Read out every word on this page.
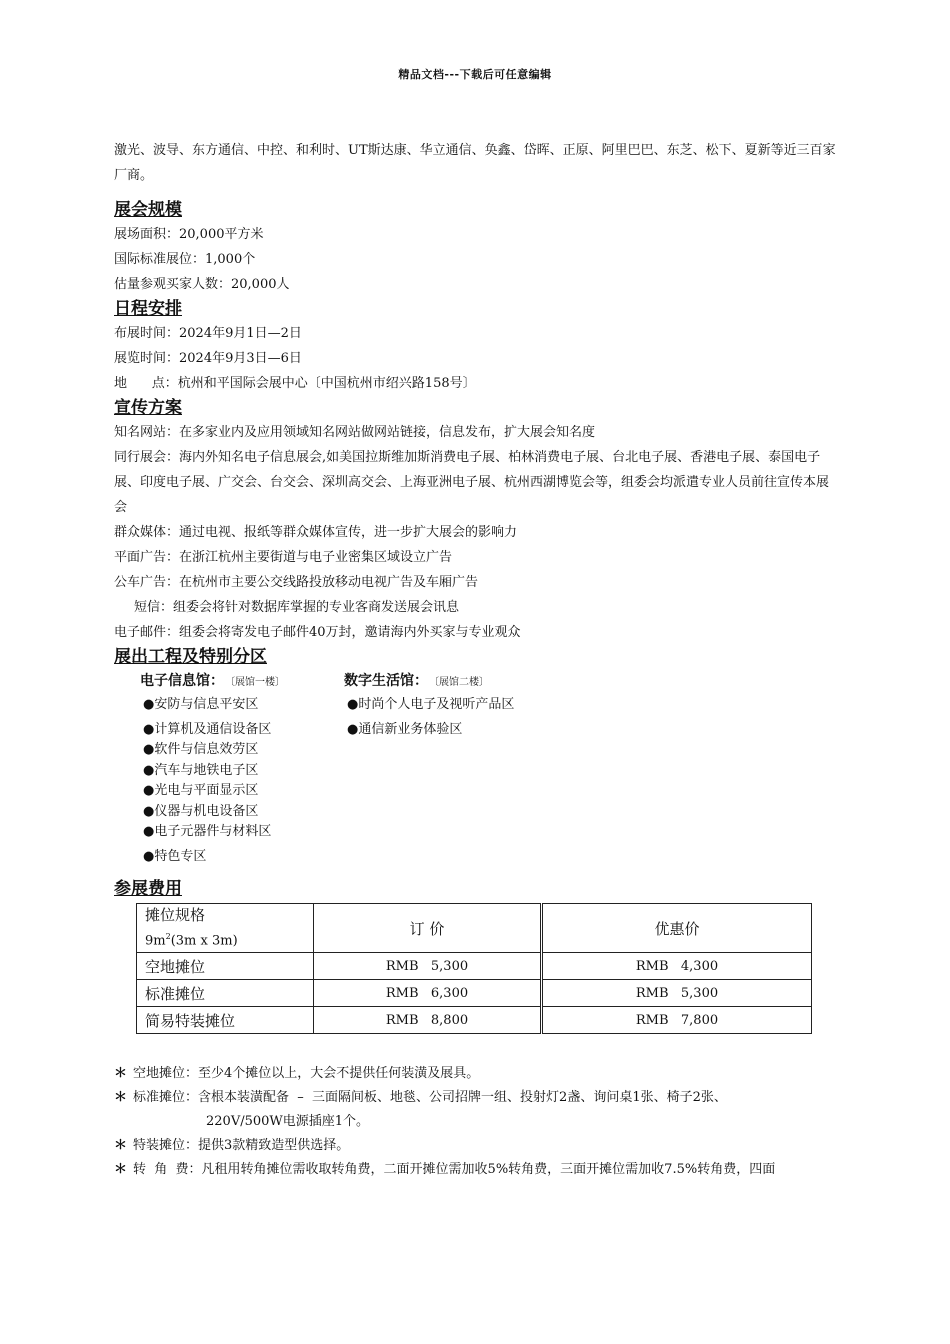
精品文档---下载后可任意编辑

激光、波导、东方通信、中控、和利时、UT斯达康、华立通信、奂鑫、岱晖、正原、阿里巴巴、东芝、松下、夏新等近三百家厂商。

展会规模

展场面积：20,000平方米

国际标准展位：1,000个

估量参观买家人数：20,000人

日程安排

布展时间：2024年9月1日—2日

展览时间：2024年9月3日—6日

地      点：杭州和平国际会展中心〔中国杭州市绍兴路158号〕

宣传方案

知名网站：在多家业内及应用领域知名网站做网站链接，信息发布，扩大展会知名度

同行展会：海内外知名电子信息展会,如美国拉斯维加斯消费电子展、柏林消费电子展、台北电子展、香港电子展、泰国电子展、印度电子展、广交会、台交会、深圳高交会、上海亚洲电子展、杭州西湖博览会等，组委会均派遣专业人员前往宣传本展会

群众媒体：通过电视、报纸等群众媒体宣传，进一步扩大展会的影响力

平面广告：在浙江杭州主要街道与电子业密集区域设立广告

公车广告：在杭州市主要公交线路投放移动电视广告及车厢广告

短信：组委会将针对数据库掌握的专业客商发送展会讯息

电子邮件：组委会将寄发电子邮件40万封，邀请海内外买家与专业观众

展出工程及特别分区
电子信息馆： 〔展馆一楼〕
●安防与信息平安区
●计算机及通信设备区
●软件与信息效劳区
●汽车与地铁电子区
●光电与平面显示区
●仪器与机电设备区
●电子元器件与材料区
●特色专区
数字生活馆： 〔展馆二楼〕
●时尚个人电子及视听产品区
●通信新业务体验区
参展费用
摊位规格
$9m^2(3m$ x 3m)	订 价	优惠价
空地摊位	RMB   5,300	RMB   4,300
标准摊位	RMB   6,300	RMB   5,300
简易特装摊位	RMB   8,800	RMB   7,800
＊ 空地摊位：至少4个摊位以上，大会不提供任何装潢及展具。
＊ 标准摊位：含根本装潢配备  –  三面隔间板、地毯、公司招牌一组、投射灯2盏、询问桌1张、椅子2张、
220V/500W电源插座1个。
＊ 特装摊位：提供3款精致造型供选择。
＊ 转  角  费：凡租用转角摊位需收取转角费，二面开摊位需加收5%转角费，三面开摊位需加收7.5%转角费，四面
